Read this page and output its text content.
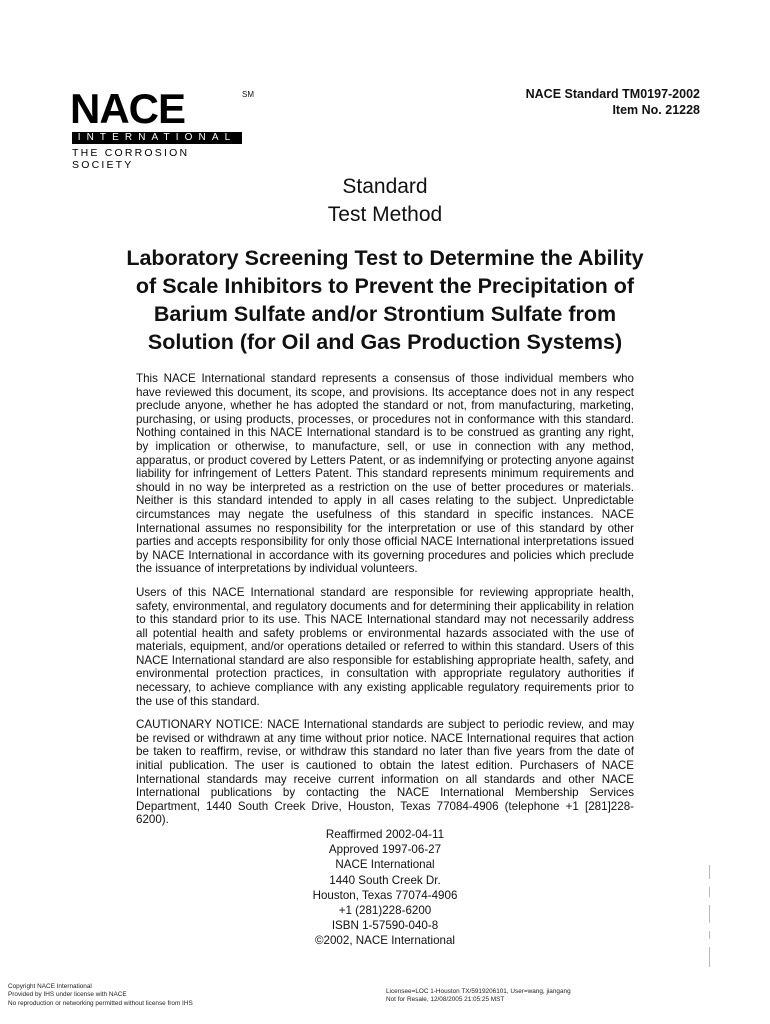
NACE	SM
INTERNATIONAL
THE CORROSION SOCIETY
NACE Standard TM0197-2002
Item No. 21228
Standard
Test Method
Laboratory Screening Test to Determine the Ability
of Scale Inhibitors to Prevent the Precipitation of
Barium Sulfate and/or Strontium Sulfate from
Solution (for Oil and Gas Production Systems)

This NACE International standard represents a consensus of those individual members who have reviewed this document, its scope, and provisions. Its acceptance does not in any respect preclude anyone, whether he has adopted the standard or not, from manufacturing, marketing, purchasing, or using products, processes, or procedures not in conformance with this standard. Nothing contained in this NACE International standard is to be construed as granting any right, by implication or otherwise, to manufacture, sell, or use in connection with any method, apparatus, or product covered by Letters Patent, or as indemnifying or protecting anyone against liability for infringement of Letters Patent. This standard represents minimum requirements and should in no way be interpreted as a restriction on the use of better procedures or materials. Neither is this standard intended to apply in all cases relating to the subject. Unpredictable circumstances may negate the usefulness of this standard in specific instances. NACE International assumes no responsibility for the interpretation or use of this standard by other parties and accepts responsibility for only those official NACE International interpretations issued by NACE International in accordance with its governing procedures and policies which preclude the issuance of interpretations by individual volunteers.

Users of this NACE International standard are responsible for reviewing appropriate health, safety, environmental, and regulatory documents and for determining their applicability in relation to this standard prior to its use. This NACE International standard may not necessarily address all potential health and safety problems or environmental hazards associated with the use of materials, equipment, and/or operations detailed or referred to within this standard. Users of this NACE International standard are also responsible for establishing appropriate health, safety, and environmental protection practices, in consultation with appropriate regulatory authorities if necessary, to achieve compliance with any existing applicable regulatory requirements prior to the use of this standard.

CAUTIONARY NOTICE: NACE International standards are subject to periodic review, and may be revised or withdrawn at any time without prior notice. NACE International requires that action be taken to reaffirm, revise, or withdraw this standard no later than five years from the date of initial publication. The user is cautioned to obtain the latest edition. Purchasers of NACE International standards may receive current information on all standards and other NACE International publications by contacting the NACE International Membership Services Department, 1440 South Creek Drive, Houston, Texas 77084-4906 (telephone +1 [281]228-6200).

Reaffirmed 2002-04-11
Approved 1997-06-27
NACE International
1440 South Creek Dr.
Houston, Texas 77074-4906
+1 (281)228-6200
ISBN 1-57590-040-8
©2002, NACE International
Copyright NACE International
Provided by IHS under license with NACE
No reproduction or networking permitted without license from IHS
Licensee=LOC 1-Houston TX/5919206101, User=wang, jiangang
Not for Resale, 12/08/2005 21:05:25 MST
